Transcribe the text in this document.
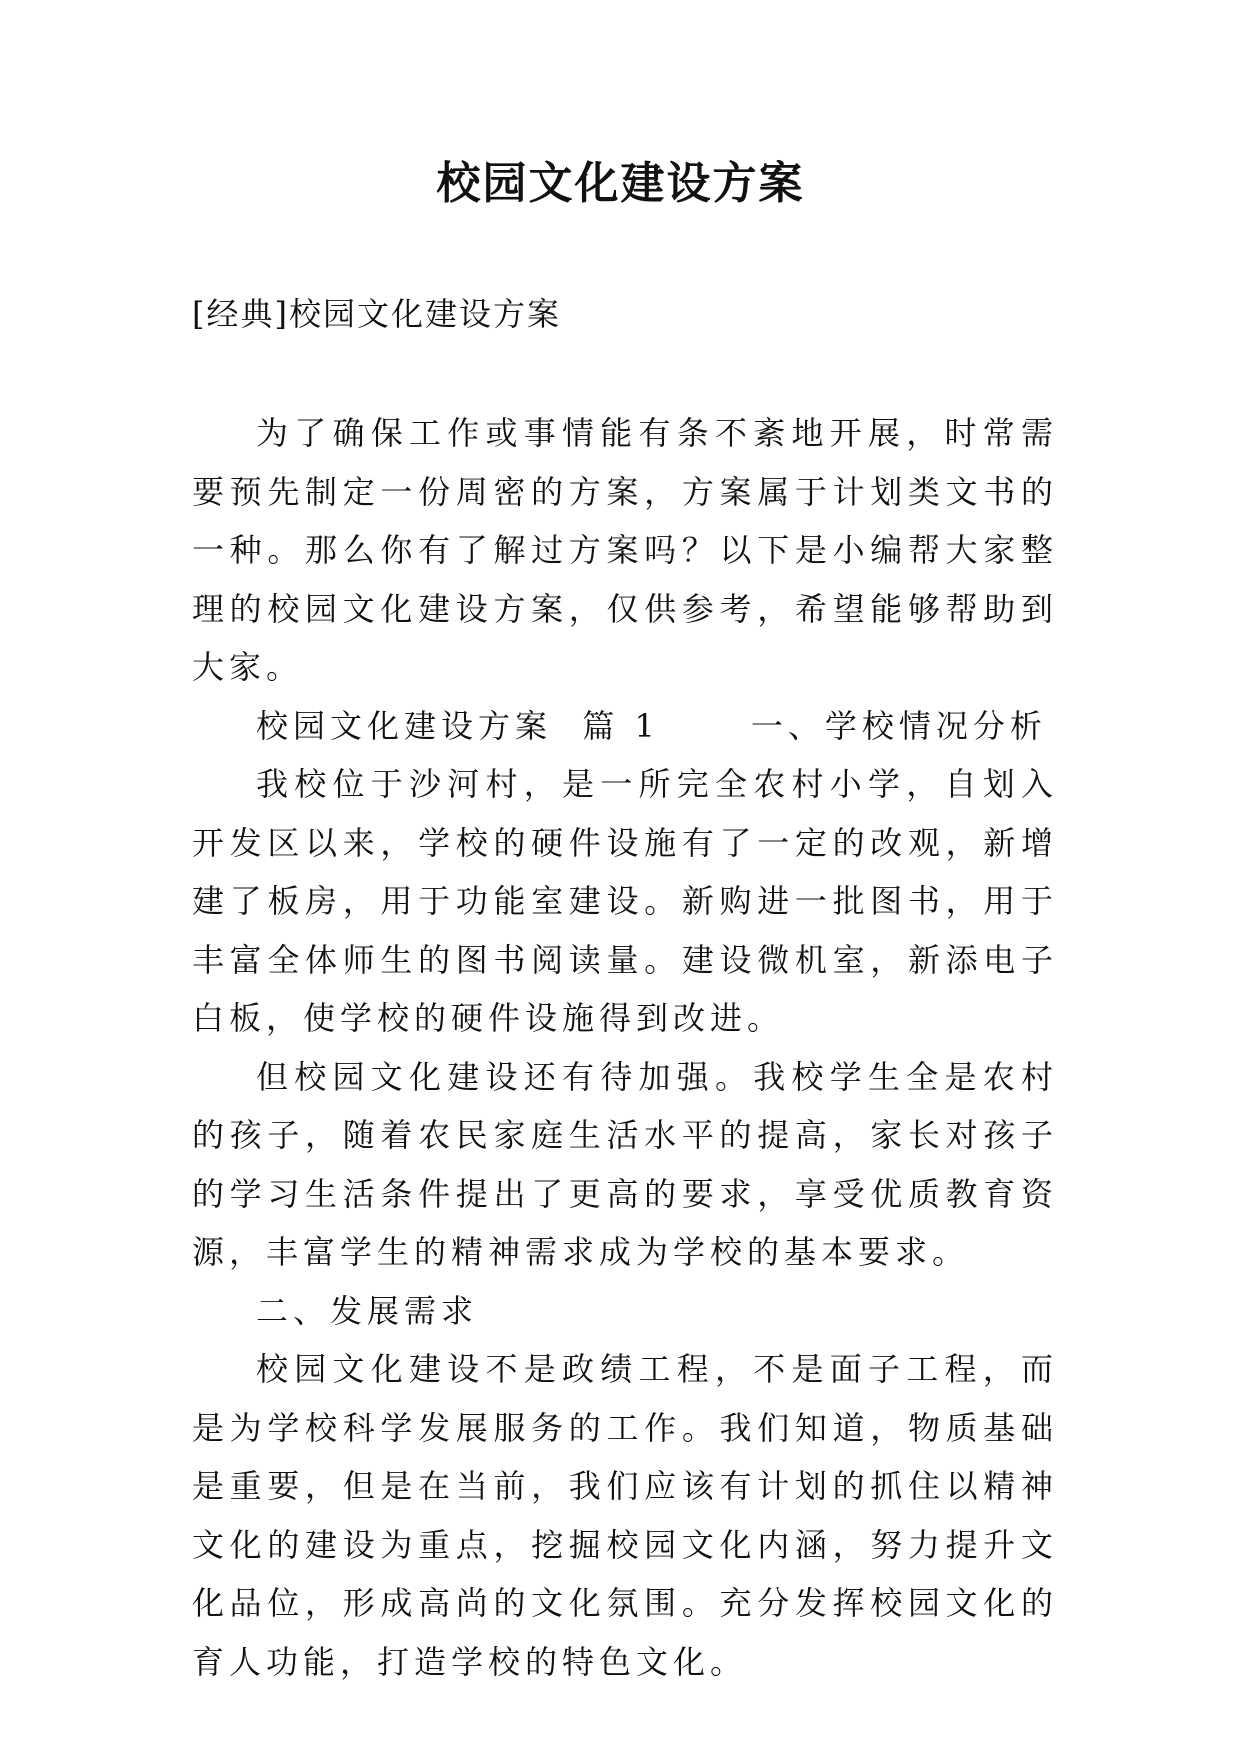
校园文化建设方案

[经典]校园文化建设方案

为了确保工作或事情能有条不紊地开展，时常需要预先制定一份周密的方案，方案属于计划类文书的一种。那么你有了解过方案吗？以下是小编帮大家整理的校园文化建设方案，仅供参考，希望能够帮助到大家。

校园文化建设方案  篇 1      一、学校情况分析

我校位于沙河村，是一所完全农村小学，自划入开发区以来，学校的硬件设施有了一定的改观，新增建了板房，用于功能室建设。新购进一批图书，用于丰富全体师生的图书阅读量。建设微机室，新添电子白板，使学校的硬件设施得到改进。

但校园文化建设还有待加强。我校学生全是农村的孩子，随着农民家庭生活水平的提高，家长对孩子的学习生活条件提出了更高的要求，享受优质教育资源，丰富学生的精神需求成为学校的基本要求。

二、发展需求

校园文化建设不是政绩工程，不是面子工程，而是为学校科学发展服务的工作。我们知道，物质基础是重要，但是在当前，我们应该有计划的抓住以精神文化的建设为重点，挖掘校园文化内涵，努力提升文化品位，形成高尚的文化氛围。充分发挥校园文化的育人功能，打造学校的特色文化。
